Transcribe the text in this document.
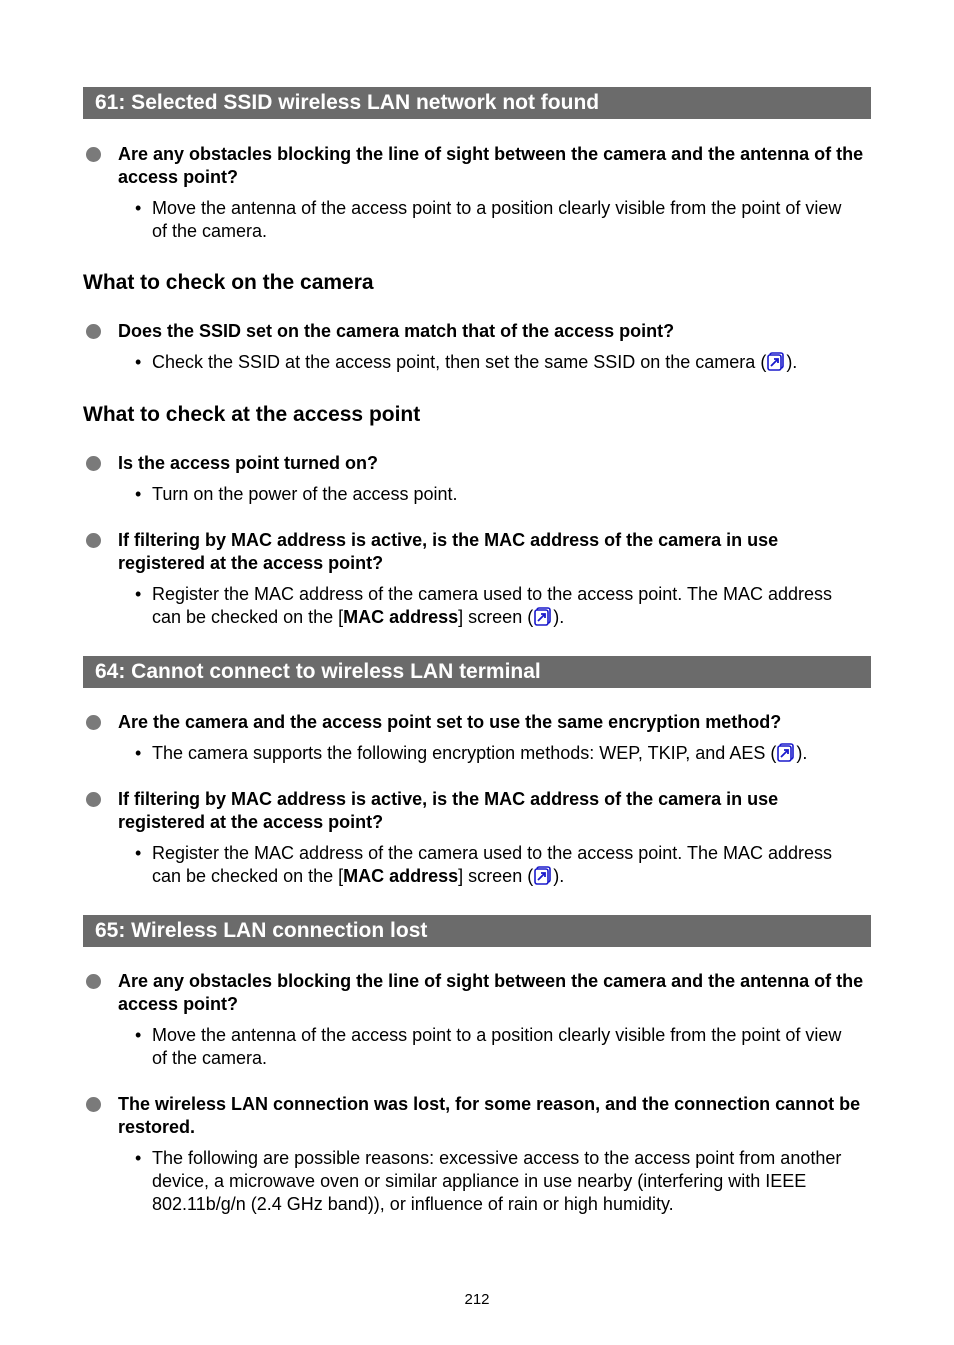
61: Selected SSID wireless LAN network not found
Are any obstacles blocking the line of sight between the camera and the antenna of the access point?
• Move the antenna of the access point to a position clearly visible from the point of view of the camera.
What to check on the camera
Does the SSID set on the camera match that of the access point?
• Check the SSID at the access point, then set the same SSID on the camera ( ).
What to check at the access point
Is the access point turned on?
• Turn on the power of the access point.
If filtering by MAC address is active, is the MAC address of the camera in use registered at the access point?
• Register the MAC address of the camera used to the access point. The MAC address can be checked on the [MAC address] screen ( ).
64: Cannot connect to wireless LAN terminal
Are the camera and the access point set to use the same encryption method?
• The camera supports the following encryption methods: WEP, TKIP, and AES ( ).
If filtering by MAC address is active, is the MAC address of the camera in use registered at the access point?
• Register the MAC address of the camera used to the access point. The MAC address can be checked on the [MAC address] screen ( ).
65: Wireless LAN connection lost
Are any obstacles blocking the line of sight between the camera and the antenna of the access point?
• Move the antenna of the access point to a position clearly visible from the point of view of the camera.
The wireless LAN connection was lost, for some reason, and the connection cannot be restored.
• The following are possible reasons: excessive access to the access point from another device, a microwave oven or similar appliance in use nearby (interfering with IEEE 802.11b/g/n (2.4 GHz band)), or influence of rain or high humidity.
212
